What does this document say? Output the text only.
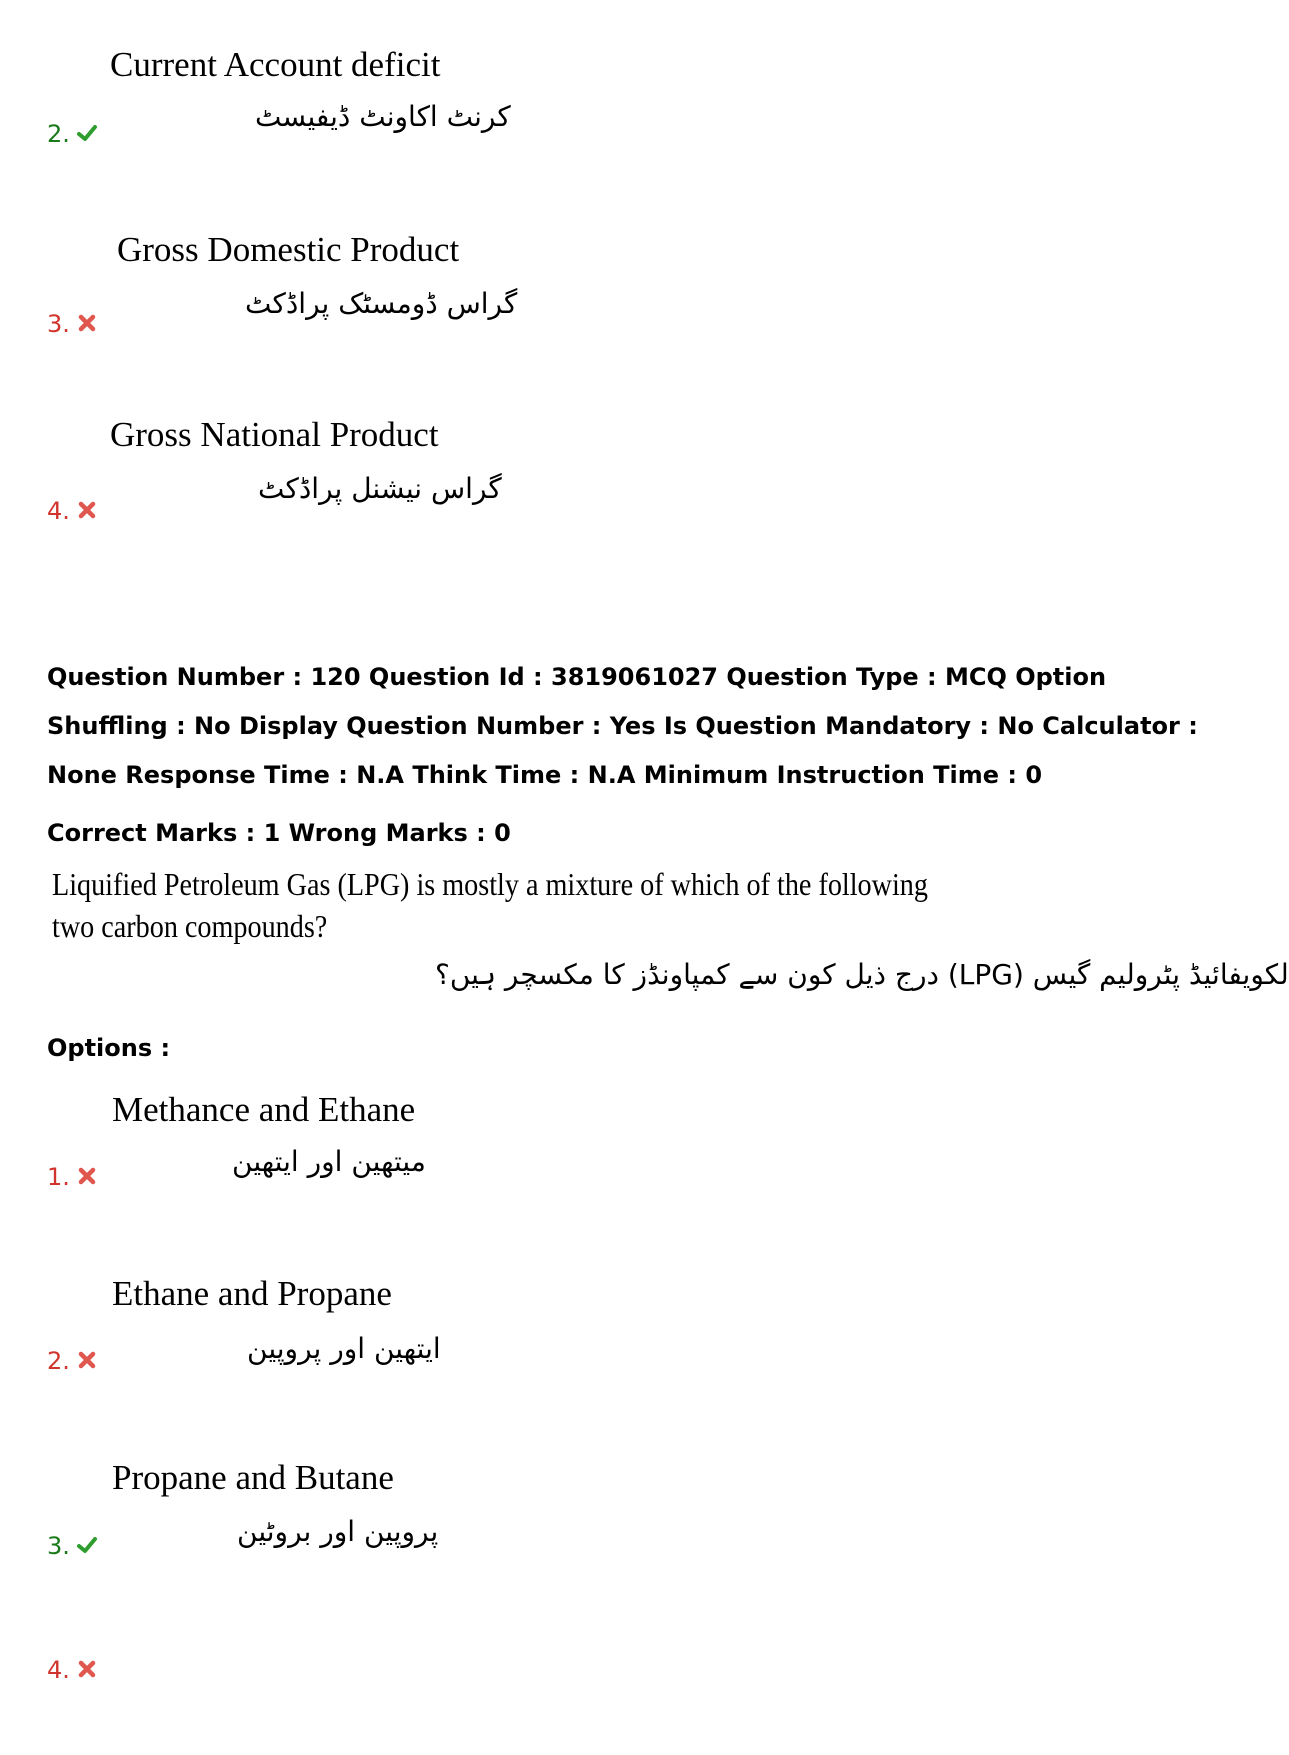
Current Account deficit
کرنٹ اکاونٹ ڈیفیسٹ
2.
Gross Domestic Product
گراس ڈومسٹک پراڈکٹ
3.
Gross National Product
گراس نیشنل پراڈکٹ
4.
Question Number : 120 Question Id : 3819061027 Question Type : MCQ Option Shuffling : No Display Question Number : Yes Is Question Mandatory : No Calculator : None Response Time : N.A Think Time : N.A Minimum Instruction Time : 0
Correct Marks : 1 Wrong Marks : 0
Liquified Petroleum Gas (LPG) is mostly a mixture of which of the following two carbon compounds?
لکویفائیڈ پٹرولیم گیس (LPG) درج ذیل کون سے کمپاونڈز کا مکسچر ہیں؟
Options :
Methance and Ethane
میتھین اور ایتھین
1.
Ethane and Propane
ایتھین اور پروپین
2.
Propane and Butane
پروپین اور بروٹین
3.
4.
